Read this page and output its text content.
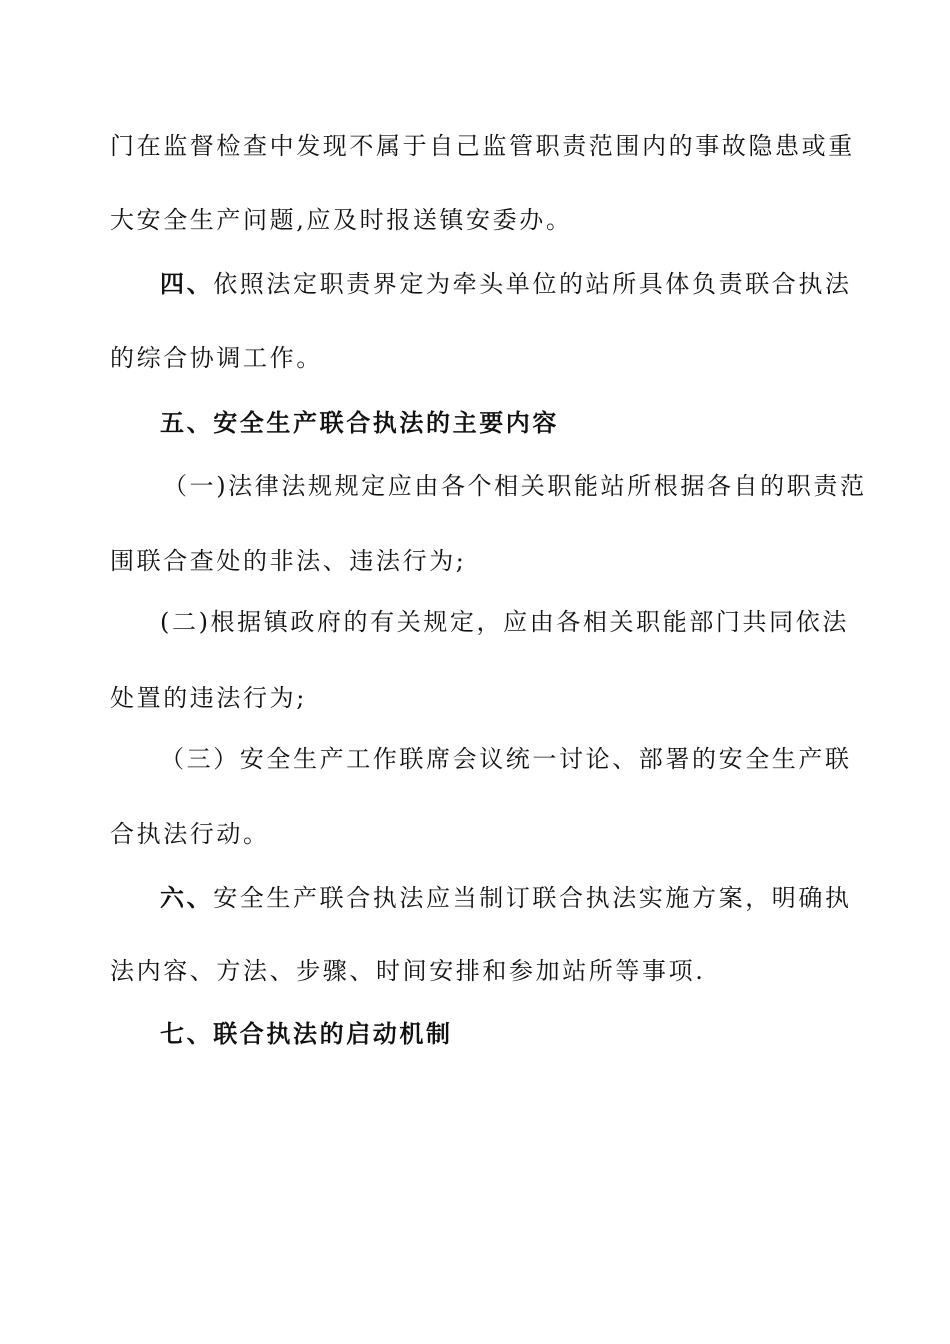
门在监督检查中发现不属于自己监管职责范围内的事故隐患或重
大安全生产问题,应及时报送镇安委办。
四、依照法定职责界定为牵头单位的站所具体负责联合执法
的综合协调工作。
五、安全生产联合执法的主要内容
（一)法律法规规定应由各个相关职能站所根据各自的职责范
围联合查处的非法、违法行为;
(二)根据镇政府的有关规定，应由各相关职能部门共同依法
处置的违法行为;
（三）安全生产工作联席会议统一讨论、部署的安全生产联
合执法行动。
六、安全生产联合执法应当制订联合执法实施方案，明确执
法内容、方法、步骤、时间安排和参加站所等事项.
七、联合执法的启动机制
